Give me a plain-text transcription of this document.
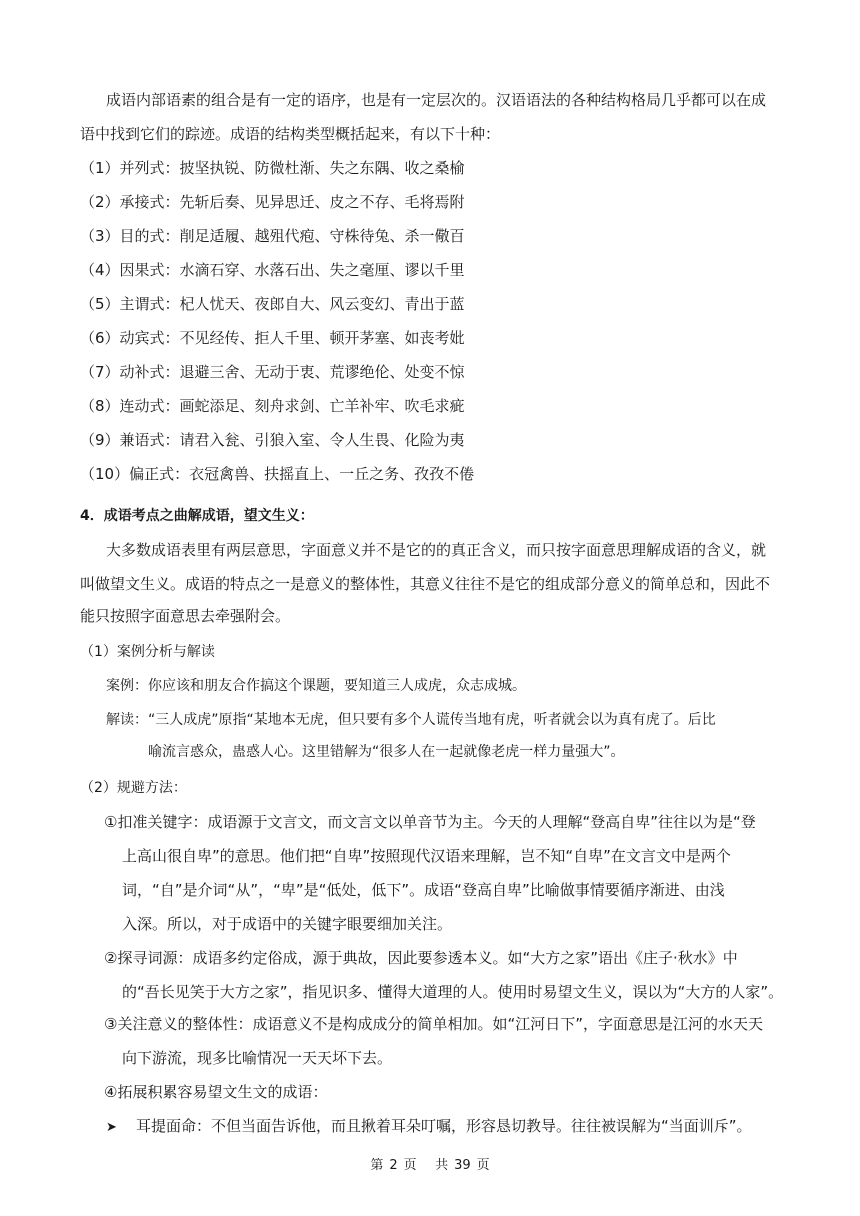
成语内部语素的组合是有一定的语序，也是有一定层次的。汉语语法的各种结构格局几乎都可以在成
语中找到它们的踪迹。成语的结构类型概括起来，有以下十种：
（1）并列式：披坚执锐、防微杜渐、失之东隅、收之桑榆
（2）承接式：先斩后奏、见异思迁、皮之不存、毛将焉附
（3）目的式：削足适履、越殂代疱、守株待兔、杀一儆百
（4）因果式：水滴石穿、水落石出、失之毫厘、谬以千里
（5）主谓式：杞人忧天、夜郎自大、风云变幻、青出于蓝
（6）动宾式：不见经传、拒人千里、顿开茅塞、如丧考妣
（7）动补式：退避三舍、无动于衷、荒谬绝伦、处变不惊
（8）连动式：画蛇添足、刻舟求剑、亡羊补牢、吹毛求疵
（9）兼语式：请君入瓮、引狼入室、令人生畏、化险为夷
（10）偏正式：衣冠禽兽、扶摇直上、一丘之务、孜孜不倦
4．成语考点之曲解成语，望文生义：
大多数成语表里有两层意思，字面意义并不是它的的真正含义，而只按字面意思理解成语的含义，就
叫做望文生义。成语的特点之一是意义的整体性，其意义往往不是它的组成部分意义的简单总和，因此不
能只按照字面意思去牵强附会。
（1）案例分析与解读
案例：你应该和朋友合作搞这个课题，要知道三人成虎，众志成城。
解读：“三人成虎”原指“某地本无虎，但只要有多个人谎传当地有虎，听者就会以为真有虎了。后比
喻流言惑众，蛊惑人心。这里错解为“很多人在一起就像老虎一样力量强大”。
（2）规避方法：
①扣准关键字：成语源于文言文，而文言文以单音节为主。今天的人理解“登高自卑”往往以为是“登
上高山很自卑”的意思。他们把“自卑”按照现代汉语来理解，岂不知“自卑”在文言文中是两个
词，“自”是介词“从”，“卑”是“低处，低下”。成语“登高自卑”比喻做事情要循序渐进、由浅
入深。所以，对于成语中的关键字眼要细加关注。
②探寻词源：成语多约定俗成，源于典故，因此要参透本义。如“大方之家”语出《庄子·秋水》中
的“吾长见笑于大方之家”，指见识多、懂得大道理的人。使用时易望文生义，误以为“大方的人家”。
③关注意义的整体性：成语意义不是构成成分的简单相加。如“江河日下”，字面意思是江河的水天天
向下游流，现多比喻情况一天天坏下去。
④拓展积累容易望文生文的成语：
➤ 耳提面命：不但当面告诉他，而且揪着耳朵叮嘱，形容恳切教导。往往被误解为“当面训斥”。
第 2 页 共 39 页
